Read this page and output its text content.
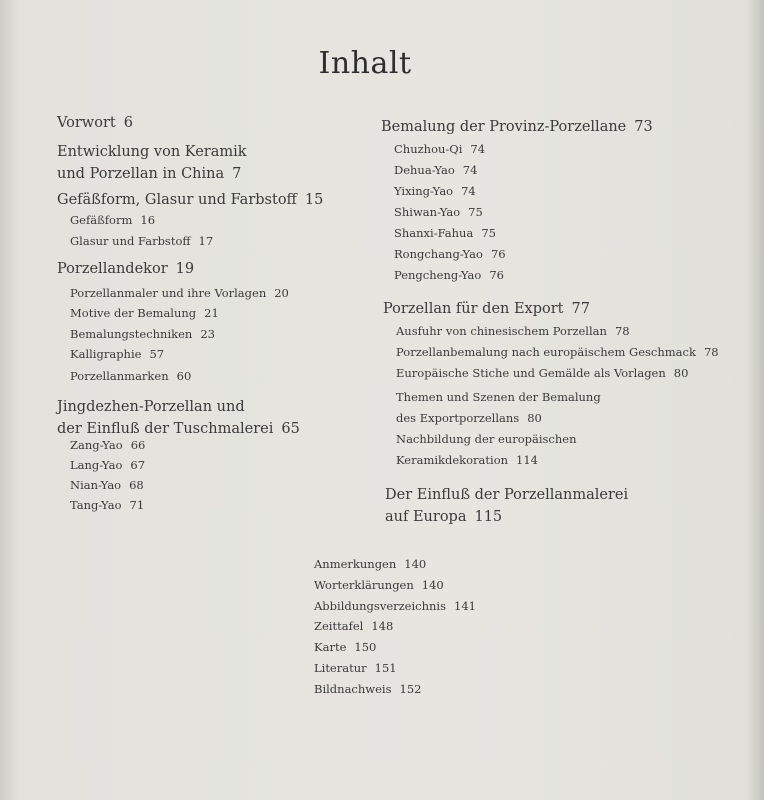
Inhalt
Vorwort 6
Entwicklung von Keramik
und Porzellan in China 7
Gefäßform, Glasur und Farbstoff 15
Gefäßform 16
Glasur und Farbstoff 17
Porzellandekor 19
Porzellanmaler und ihre Vorlagen 20
Motive der Bemalung 21
Bemalungstechniken 23
Kalligraphie 57
Porzellanmarken 60
Jingdezhen-Porzellan und
der Einfluß der Tuschmalerei 65
Zang-Yao 66
Lang-Yao 67
Nian-Yao 68
Tang-Yao 71
Bemalung der Provinz-Porzellane 73
Chuzhou-Qi 74
Dehua-Yao 74
Yixing-Yao 74
Shiwan-Yao 75
Shanxi-Fahua 75
Rongchang-Yao 76
Pengcheng-Yao 76
Porzellan für den Export 77
Ausfuhr von chinesischem Porzellan 78
Porzellanbemalung nach europäischem Geschmack 78
Europäische Stiche und Gemälde als Vorlagen 80
Themen und Szenen der Bemalung
des Exportporzellans 80
Nachbildung der europäischen
Keramikdekoration 114
Der Einfluß der Porzellanmalerei
auf Europa 115
Anmerkungen 140
Worterklärungen 140
Abbildungsverzeichnis 141
Zeittafel 148
Karte 150
Literatur 151
Bildnachweis 152
